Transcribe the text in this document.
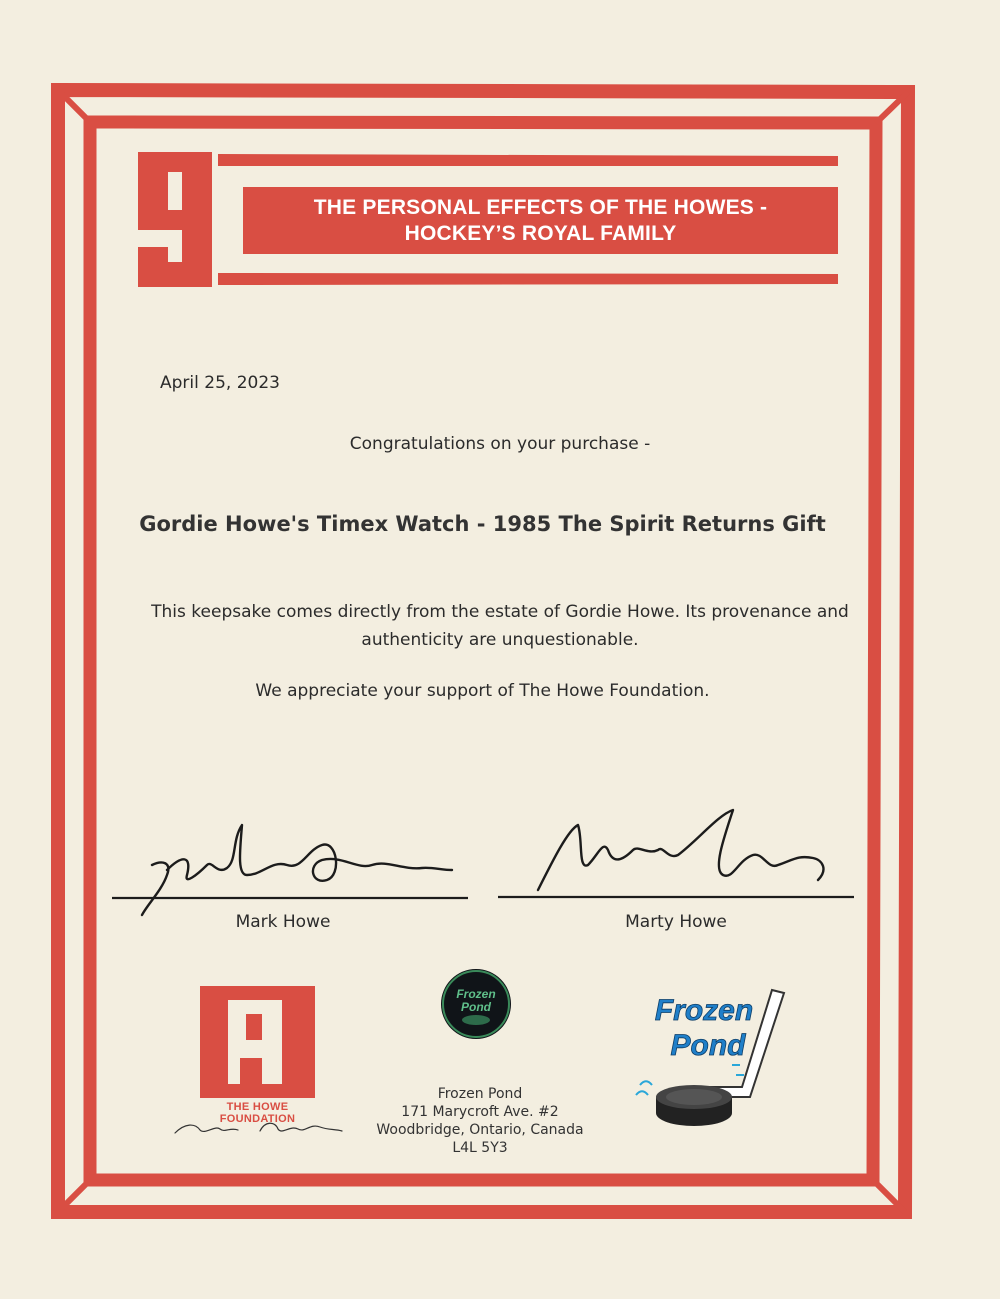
THE PERSONAL EFFECTS OF THE HOWES -
HOCKEY’S ROYAL FAMILY
April 25, 2023
Congratulations on your purchase -
Gordie Howe's Timex Watch - 1985 The Spirit Returns Gift
This keepsake comes directly from the estate of Gordie Howe. Its provenance and authenticity are unquestionable.
We appreciate your support of The Howe Foundation.
Mark Howe	Marty Howe
THE HOWE FOUNDATION
Frozen
Pond
Frozen Pond
171 Marycroft Ave. #2
Woodbridge, Ontario, Canada
L4L 5Y3
Frozen
Pond
